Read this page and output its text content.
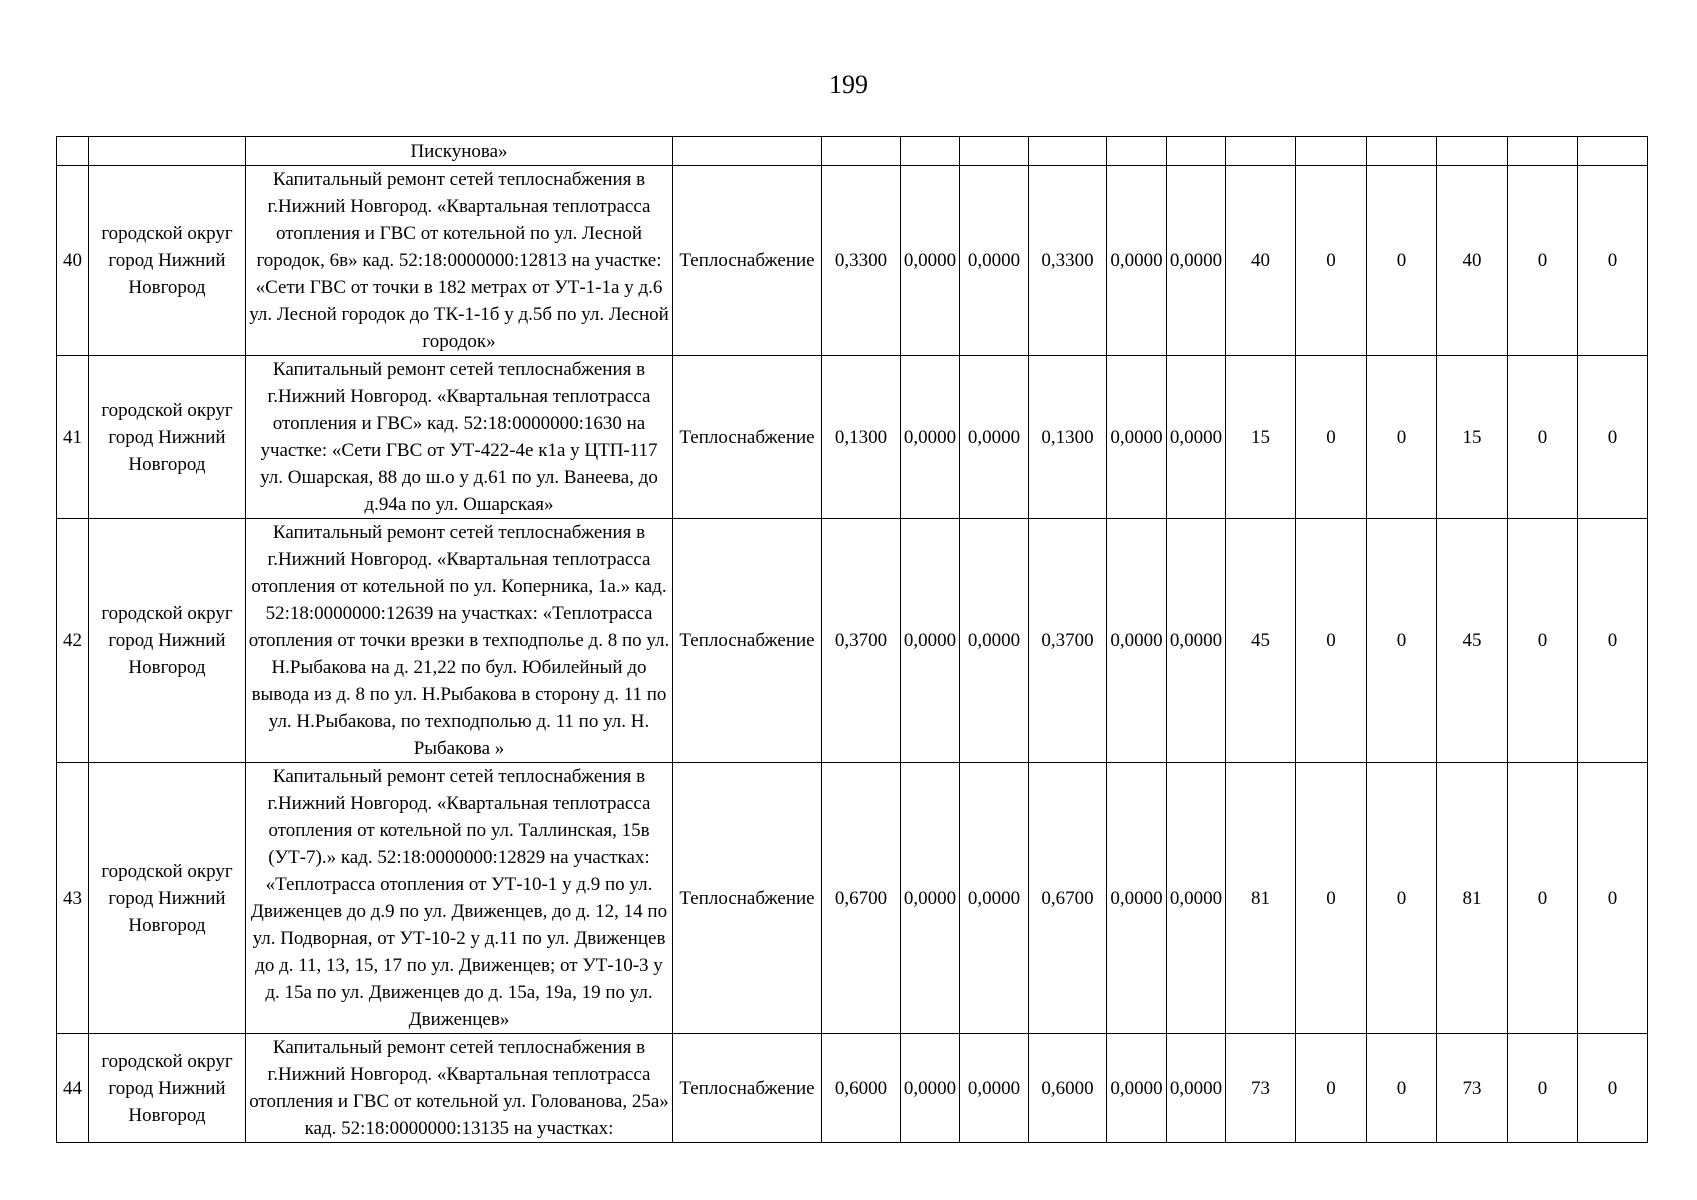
199
		Пискунова»													
40	городской округ город Нижний Новгород	Капитальный ремонт сетей теплоснабжения в г.Нижний Новгород. «Квартальная теплотрасса отопления и ГВС от котельной по ул. Лесной городок, 6в» кад. 52:18:0000000:12813 на участке: «Сети ГВС от точки в 182 метрах от УТ-1-1а у д.6 ул. Лесной городок до ТК-1-1б у д.5б по ул. Лесной городок»	Теплоснабжение	0,3300	0,0000	0,0000	0,3300	0,0000	0,0000	40	0	0	40	0	0
41	городской округ город Нижний Новгород	Капитальный ремонт сетей теплоснабжения в г.Нижний Новгород. «Квартальная теплотрасса отопления и ГВС» кад. 52:18:0000000:1630 на участке: «Сети ГВС от УТ-422-4е к1а у ЦТП-117 ул. Ошарская, 88 до ш.о у д.61 по ул. Ванеева, до д.94а по ул. Ошарская»	Теплоснабжение	0,1300	0,0000	0,0000	0,1300	0,0000	0,0000	15	0	0	15	0	0
42	городской округ город Нижний Новгород	Капитальный ремонт сетей теплоснабжения в г.Нижний Новгород. «Квартальная теплотрасса отопления от котельной по ул. Коперника, 1а.» кад. 52:18:0000000:12639 на участках: «Теплотрасса отопления от точки врезки в техподполье д. 8 по ул. Н.Рыбакова на д. 21,22 по бул. Юбилейный до вывода из д. 8 по ул. Н.Рыбакова в сторону д. 11 по ул. Н.Рыбакова, по техподполью д. 11 по ул. Н. Рыбакова »	Теплоснабжение	0,3700	0,0000	0,0000	0,3700	0,0000	0,0000	45	0	0	45	0	0
43	городской округ город Нижний Новгород	Капитальный ремонт сетей теплоснабжения в г.Нижний Новгород. «Квартальная теплотрасса отопления от котельной по ул. Таллинская, 15в (УТ-7).» кад. 52:18:0000000:12829 на участках: «Теплотрасса отопления от УТ-10-1 у д.9 по ул. Движенцев до д.9 по ул. Движенцев, до д. 12, 14 по ул. Подворная, от УТ-10-2 у д.11 по ул. Движенцев до д. 11, 13, 15, 17 по ул. Движенцев; от УТ-10-3 у д. 15а по ул. Движенцев до д. 15а, 19а, 19 по ул. Движенцев»	Теплоснабжение	0,6700	0,0000	0,0000	0,6700	0,0000	0,0000	81	0	0	81	0	0
44	городской округ город Нижний Новгород	Капитальный ремонт сетей теплоснабжения в г.Нижний Новгород. «Квартальная теплотрасса отопления и ГВС от котельной ул. Голованова, 25а» кад. 52:18:0000000:13135 на участках:	Теплоснабжение	0,6000	0,0000	0,0000	0,6000	0,0000	0,0000	73	0	0	73	0	0
